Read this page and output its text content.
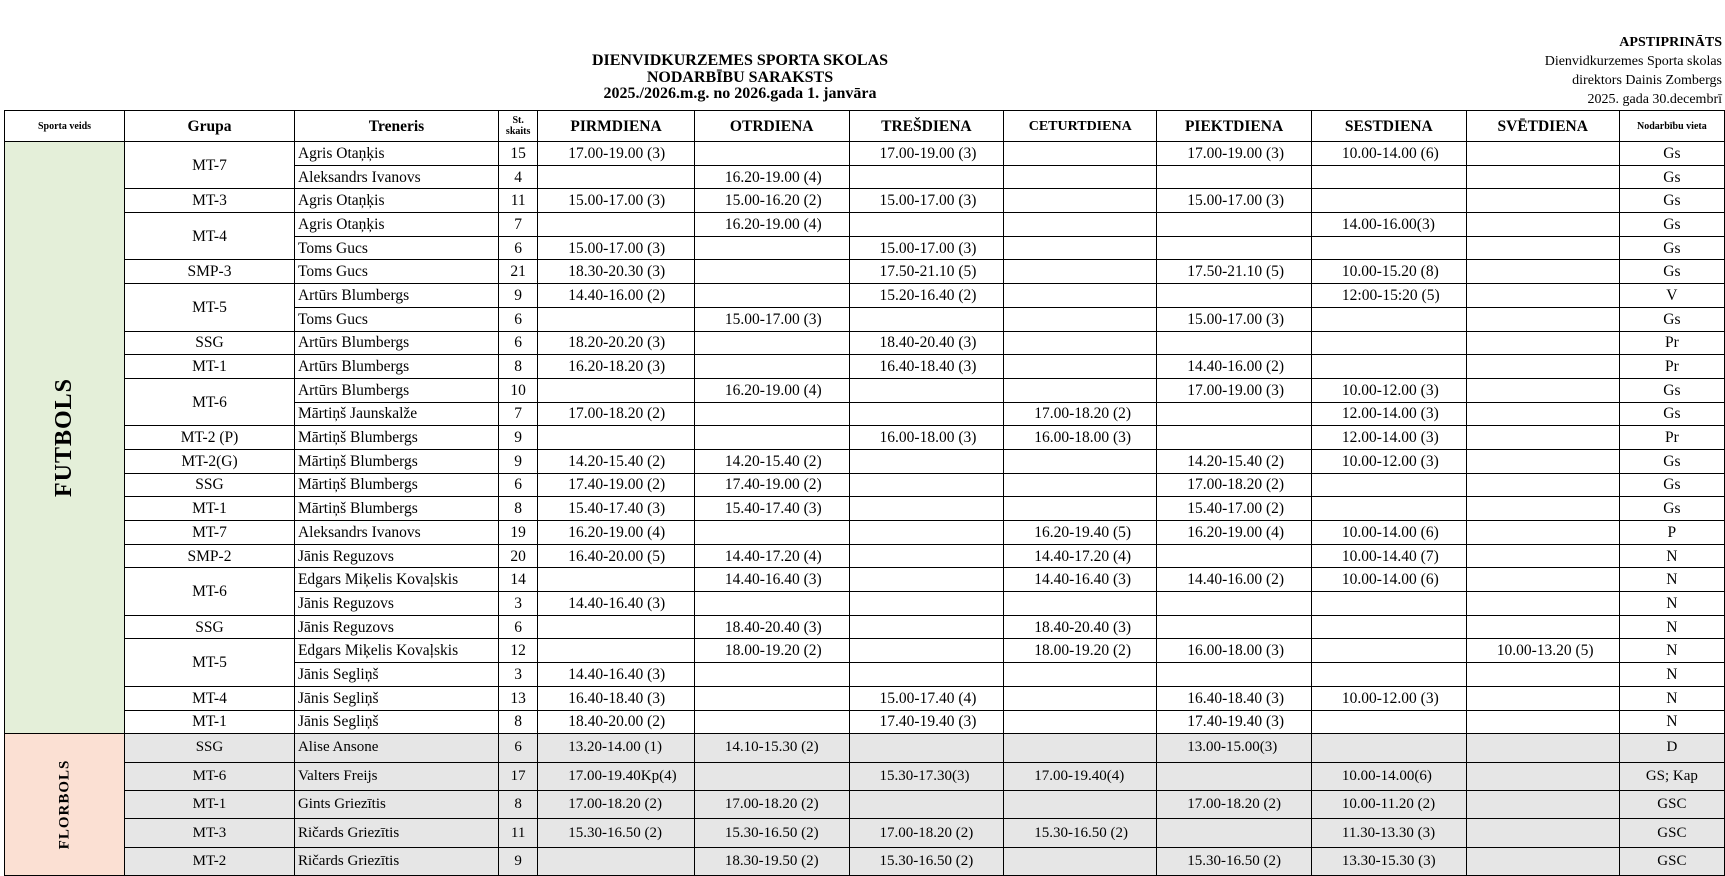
DIENVIDKURZEMES SPORTA SKOLAS
NODARBĪBU SARAKSTS
2025./2026.m.g. no 2026.gada 1. janvāra
APSTIPRINĀTS
Dienvidkurzemes Sporta skolas
direktors Dainis Zombergs
2025. gada 30.decembrī
Sporta veids	Grupa	Treneris	St. skaits	PIRMDIENA	OTRDIENA	TREŠDIENA	CETURTDIENA	PIEKTDIENA	SESTDIENA	SVĒTDIENA	Nodarbību vieta
FUTBOLS	MT-7	Agris Otaņķis	15	17.00-19.00 (3)		17.00-19.00 (3)		17.00-19.00 (3)	10.00-14.00 (6)		Gs
		Aleksandrs Ivanovs	4		16.20-19.00 (4)						Gs
	MT-3	Agris Otaņķis	11	15.00-17.00 (3)	15.00-16.20 (2)	15.00-17.00 (3)		15.00-17.00 (3)			Gs
	MT-4	Agris Otaņķis	7		16.20-19.00 (4)				14.00-16.00(3)		Gs
		Toms Gucs	6	15.00-17.00 (3)		15.00-17.00 (3)					Gs
	SMP-3	Toms Gucs	21	18.30-20.30 (3)		17.50-21.10 (5)		17.50-21.10 (5)	10.00-15.20 (8)		Gs
	MT-5	Artūrs Blumbergs	9	14.40-16.00 (2)		15.20-16.40 (2)			12:00-15:20 (5)		V
		Toms Gucs	6		15.00-17.00 (3)			15.00-17.00 (3)			Gs
	SSG	Artūrs Blumbergs	6	18.20-20.20 (3)		18.40-20.40 (3)					Pr
	MT-1	Artūrs Blumbergs	8	16.20-18.20 (3)		16.40-18.40 (3)		14.40-16.00 (2)			Pr
	MT-6	Artūrs Blumbergs	10		16.20-19.00 (4)			17.00-19.00 (3)	10.00-12.00 (3)		Gs
		Mārtiņš Jaunskalže	7	17.00-18.20 (2)			17.00-18.20 (2)		12.00-14.00 (3)		Gs
	MT-2 (P)	Mārtiņš Blumbergs	9			16.00-18.00 (3)	16.00-18.00 (3)		12.00-14.00 (3)		Pr
	MT-2(G)	Mārtiņš Blumbergs	9	14.20-15.40 (2)	14.20-15.40 (2)			14.20-15.40 (2)	10.00-12.00 (3)		Gs
	SSG	Mārtiņš Blumbergs	6	17.40-19.00 (2)	17.40-19.00 (2)			17.00-18.20 (2)			Gs
	MT-1	Mārtiņš Blumbergs	8	15.40-17.40 (3)	15.40-17.40 (3)			15.40-17.00 (2)			Gs
	MT-7	Aleksandrs Ivanovs	19	16.20-19.00 (4)			16.20-19.40 (5)	16.20-19.00 (4)	10.00-14.00 (6)		P
	SMP-2	Jānis Reguzovs	20	16.40-20.00 (5)	14.40-17.20 (4)		14.40-17.20 (4)		10.00-14.40 (7)		N
	MT-6	Edgars Miķelis Kovaļskis	14		14.40-16.40 (3)		14.40-16.40 (3)	14.40-16.00 (2)	10.00-14.00 (6)		N
		Jānis Reguzovs	3	14.40-16.40 (3)							N
	SSG	Jānis Reguzovs	6		18.40-20.40 (3)		18.40-20.40 (3)				N
	MT-5	Edgars Miķelis Kovaļskis	12		18.00-19.20 (2)		18.00-19.20 (2)	16.00-18.00 (3)		10.00-13.20 (5)	N
		Jānis Segliņš	3	14.40-16.40 (3)							N
	MT-4	Jānis Segliņš	13	16.40-18.40 (3)		15.00-17.40 (4)		16.40-18.40 (3)	10.00-12.00 (3)		N
	MT-1	Jānis Segliņš	8	18.40-20.00 (2)		17.40-19.40 (3)		17.40-19.40 (3)			N
FLORBOLS	SSG	Alise Ansone	6	13.20-14.00 (1)	14.10-15.30 (2)			13.00-15.00(3)			D
	MT-6	Valters Freijs	17	17.00-19.40Kp(4)		15.30-17.30(3)	17.00-19.40(4)		10.00-14.00(6)		GS; Kap
	MT-1	Gints Griezītis	8	17.00-18.20 (2)	17.00-18.20 (2)			17.00-18.20 (2)	10.00-11.20 (2)		GSC
	MT-3	Ričards Griezītis	11	15.30-16.50 (2)	15.30-16.50 (2)	17.00-18.20 (2)	15.30-16.50 (2)		11.30-13.30 (3)		GSC
	MT-2	Ričards Griezītis	9		18.30-19.50 (2)	15.30-16.50 (2)		15.30-16.50 (2)	13.30-15.30 (3)		GSC
